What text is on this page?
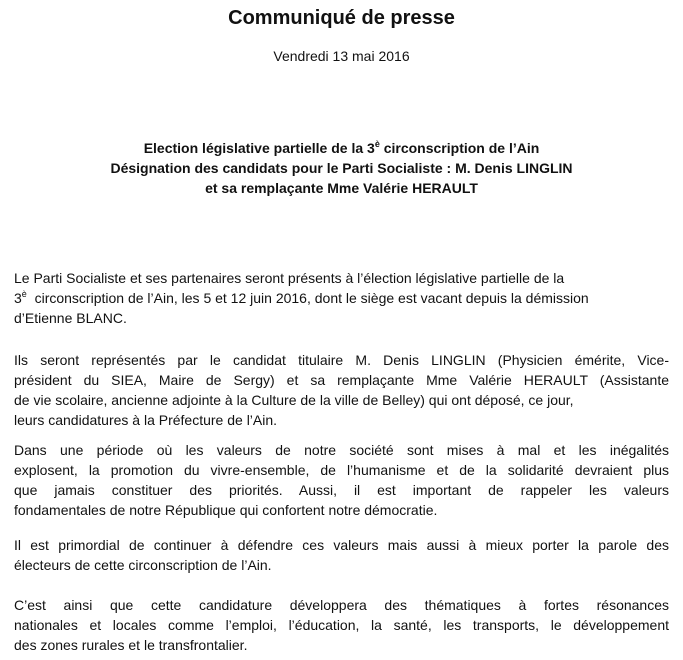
Communiqué de presse
Vendredi 13 mai 2016
Election législative partielle de la $3^è$ circonscription de l’Ain
Désignation des candidats pour le Parti Socialiste : M. Denis LINGLIN
et sa remplaçante Mme Valérie HERAULT
Le Parti Socialiste et ses partenaires seront présents à l’élection législative partielle de la
$3^è$  circonscription de l’Ain, les 5 et 12 juin 2016, dont le siège est vacant depuis la démission
d’Etienne BLANC.
Ils seront représentés par le candidat titulaire M. Denis LINGLIN (Physicien émérite, Vice-
président du SIEA, Maire de Sergy) et sa remplaçante Mme Valérie HERAULT (Assistante
de vie scolaire, ancienne adjointe à la Culture de la ville de Belley) qui ont déposé, ce jour,
leurs candidatures à la Préfecture de l’Ain.
Dans une période où les valeurs de notre société sont mises à mal et les inégalités
explosent, la promotion du vivre-ensemble, de l’humanisme et de la solidarité devraient plus
que jamais constituer des priorités. Aussi, il est important de rappeler les valeurs
fondamentales de notre République qui confortent notre démocratie.
Il est primordial de continuer à défendre ces valeurs mais aussi à mieux porter la parole des
électeurs de cette circonscription de l’Ain.
C’est ainsi que cette candidature développera des thématiques à fortes résonances
nationales et locales comme l’emploi, l’éducation, la santé, les transports, le développement
des zones rurales et le transfrontalier.
